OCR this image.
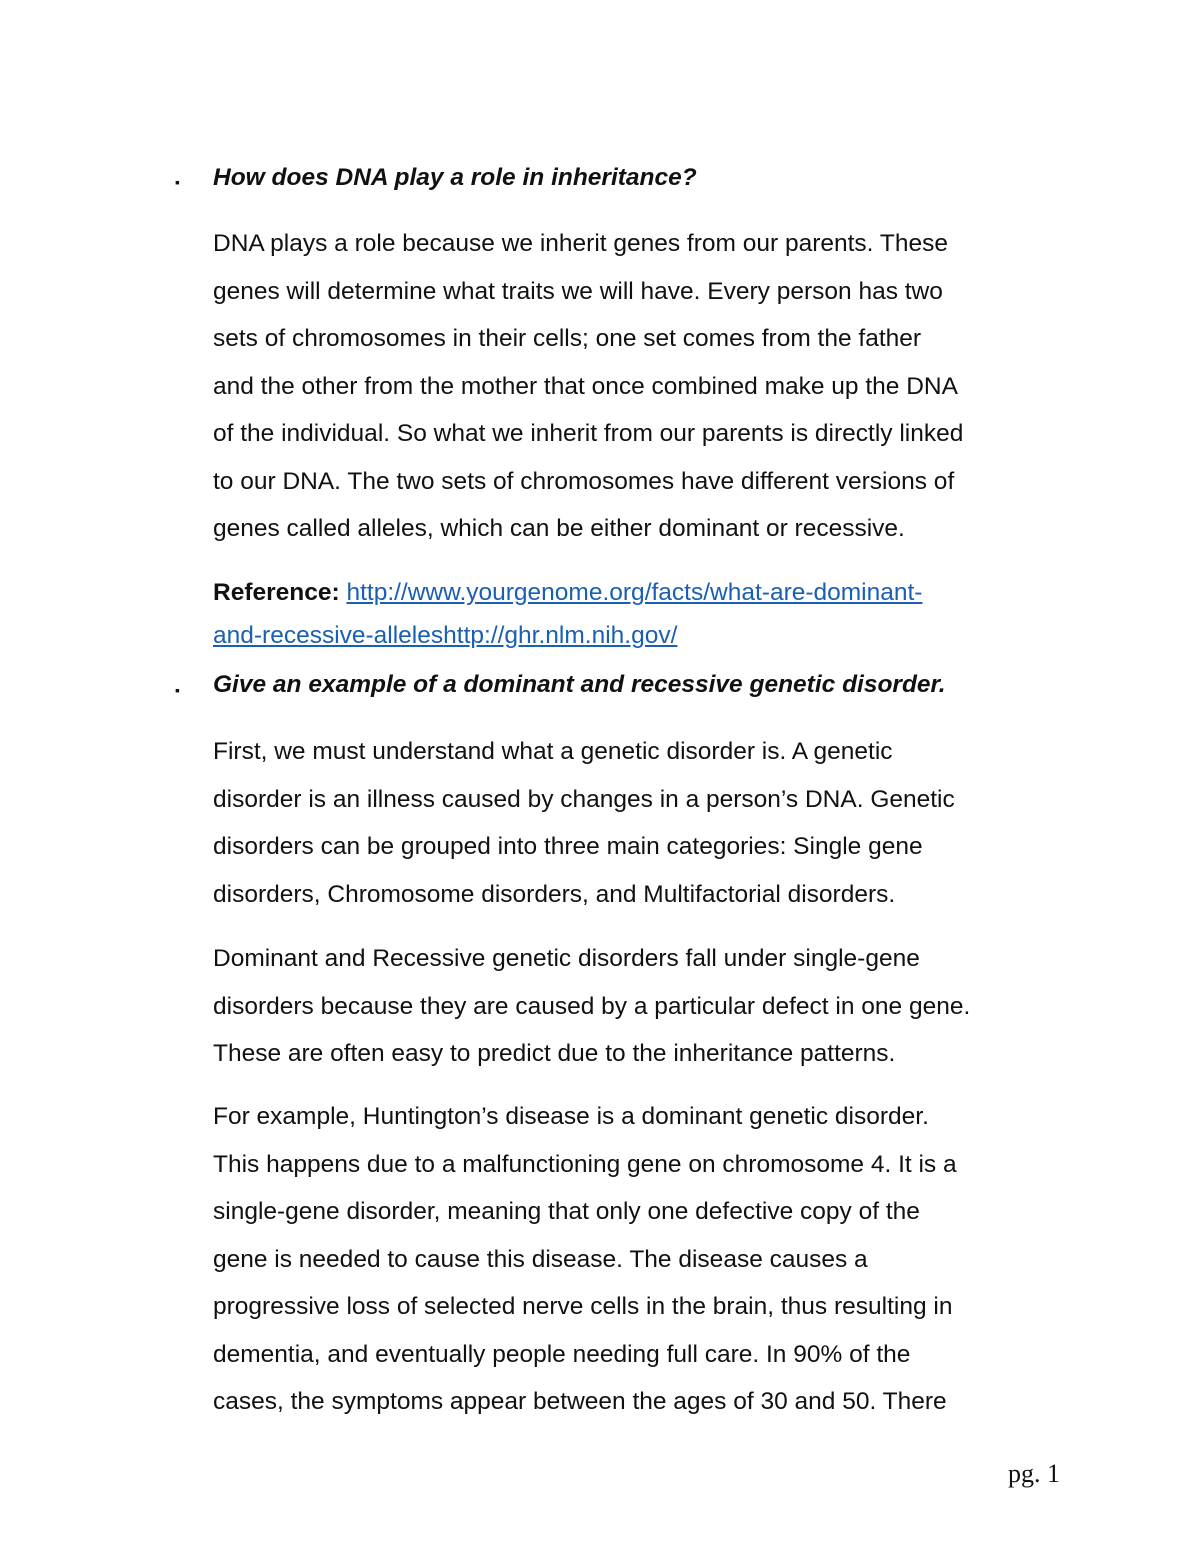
▪ How does DNA play a role in inheritance?
DNA plays a role because we inherit genes from our parents. These
genes will determine what traits we will have. Every person has two
sets of chromosomes in their cells; one set comes from the father
and the other from the mother that once combined make up the DNA
of the individual. So what we inherit from our parents is directly linked
to our DNA. The two sets of chromosomes have different versions of
genes called alleles, which can be either dominant or recessive.
Reference: http://www.yourgenome.org/facts/what-are-dominant-
and-recessive-alleleshttp://ghr.nlm.nih.gov/
▪ Give an example of a dominant and recessive genetic disorder.
First, we must understand what a genetic disorder is. A genetic
disorder is an illness caused by changes in a person’s DNA. Genetic
disorders can be grouped into three main categories: Single gene
disorders, Chromosome disorders, and Multifactorial disorders.
Dominant and Recessive genetic disorders fall under single-gene
disorders because they are caused by a particular defect in one gene.
These are often easy to predict due to the inheritance patterns.
For example, Huntington’s disease is a dominant genetic disorder.
This happens due to a malfunctioning gene on chromosome 4. It is a
single-gene disorder, meaning that only one defective copy of the
gene is needed to cause this disease. The disease causes a
progressive loss of selected nerve cells in the brain, thus resulting in
dementia, and eventually people needing full care. In 90% of the
cases, the symptoms appear between the ages of 30 and 50. There
pg. 1
